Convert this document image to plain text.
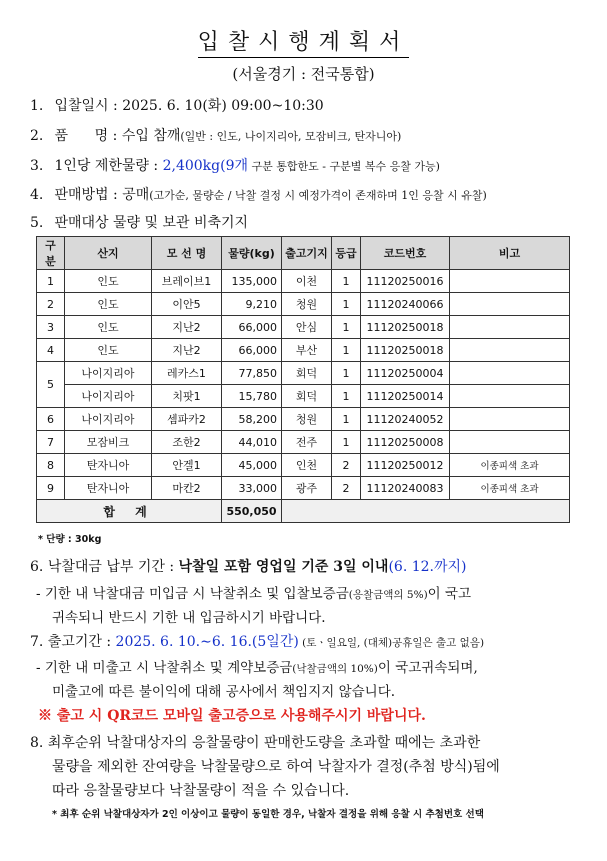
입찰시행계획서
(서울경기 : 전국통합)
1. 입찰일시 : 2025. 6. 10(화) 09:00~10:30
2. 품      명 : 수입 참깨(일반 : 인도, 나이지리아, 모잠비크, 탄자니아)
3. 1인당 제한물량 : 2,400kg(9개 구분 통합한도 - 구분별 복수 응찰 가능)
4. 판매방법 : 공매(고가순, 물량순 / 낙찰 결정 시 예정가격이 존재하며 1인 응찰 시 유찰)
5. 판매대상 물량 및 보관 비축기지
구분	산지	모 선 명	물량(kg)	출고기지	등급	코드번호	비고
1	인도	브레이브1	135,000	이천	1	11120250016	
2	인도	이안5	9,210	청원	1	11120240066	
3	인도	지난2	66,000	안심	1	11120250018	
4	인도	지난2	66,000	부산	1	11120250018	
5	나이지리아	레카스1	77,850	회덕	1	11120250004	
	나이지리아	치팟1	15,780	회덕	1	11120250014	
6	나이지리아	셈파카2	58,200	청원	1	11120240052	
7	모잠비크	조한2	44,010	전주	1	11120250008	
8	탄자니아	안겔1	45,000	인천	2	11120250012	이종피색 초과
9	탄자니아	마칸2	33,000	광주	2	11120240083	이종피색 초과
합 계			550,050				
* 단량 : 30kg
6. 낙찰대금 납부 기간 : 낙찰일 포함 영업일 기준 3일 이내(6. 12.까지)
- 기한 내 낙찰대금 미입금 시 낙찰취소 및 입찰보증금(응찰금액의 5%)이 국고
귀속되니 반드시 기한 내 입금하시기 바랍니다.
7. 출고기간 : 2025. 6. 10.∼6. 16.(5일간) (토ㆍ일요일, (대체)공휴일은 출고 없음)
- 기한 내 미출고 시 낙찰취소 및 계약보증금(낙찰금액의 10%)이 국고귀속되며,
미출고에 따른 불이익에 대해 공사에서 책임지지 않습니다.
※ 출고 시 QR코드 모바일 출고증으로 사용해주시기 바랍니다.
8. 최후순위 낙찰대상자의 응찰물량이 판매한도량을 초과할 때에는 초과한
물량을 제외한 잔여량을 낙찰물량으로 하여 낙찰자가 결정(추첨 방식)됨에
따라 응찰물량보다 낙찰물량이 적을 수 있습니다.
* 최후 순위 낙찰대상자가 2인 이상이고 물량이 동일한 경우, 낙찰자 결정을 위해 응찰 시 추첨번호 선택
